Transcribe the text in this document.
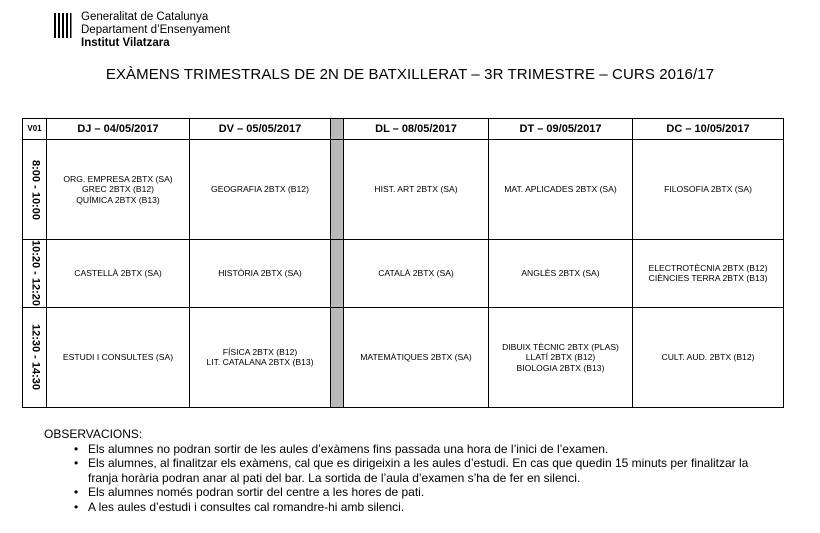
Generalitat de Catalunya
Departament d’Ensenyament
Institut Vilatzara
EXÀMENS TRIMESTRALS DE 2N DE BATXILLERAT – 3R TRIMESTRE – CURS 2016/17
V01	DJ – 04/05/2017	DV – 05/05/2017		DL – 08/05/2017	DT – 09/05/2017	DC – 10/05/2017

8:00 - 10:00	ORG. EMPRESA 2BTX (SA)
GREC 2BTX (B12)
QUÍMICA 2BTX (B13)	GEOGRAFIA 2BTX (B12)		HIST. ART 2BTX (SA)	MAT. APLICADES 2BTX (SA)	FILOSOFIA 2BTX (SA)

10:20 - 12:20	CASTELLÀ 2BTX (SA)	HISTÒRIA 2BTX (SA)		CATALÀ 2BTX (SA)	ANGLÈS 2BTX (SA)	ELECTROTÈCNIA 2BTX (B12)
CIÈNCIES TERRA 2BTX (B13)

12:30 - 14:30	ESTUDI I CONSULTES (SA)	FÍSICA 2BTX (B12)
LIT. CATALANA 2BTX (B13)		MATEMÀTIQUES 2BTX (SA)	DIBUIX TÈCNIC 2BTX (PLAS)
LLATÍ 2BTX (B12)
BIOLOGIA 2BTX (B13)	CULT. AUD. 2BTX (B12)
OBSERVACIONS:
• Els alumnes no podran sortir de les aules d’exàmens fins passada una hora de l’inici de l’examen.
• Els alumnes, al finalitzar els exàmens, cal que es dirigeixin a les aules d’estudi. En cas que quedin 15 minuts per finalitzar la franja horària podran anar al pati del bar. La sortida de l’aula d’examen s’ha de fer en silenci.
• Els alumnes només podran sortir del centre a les hores de pati.
• A les aules d’estudi i consultes cal romandre-hi amb silenci.
